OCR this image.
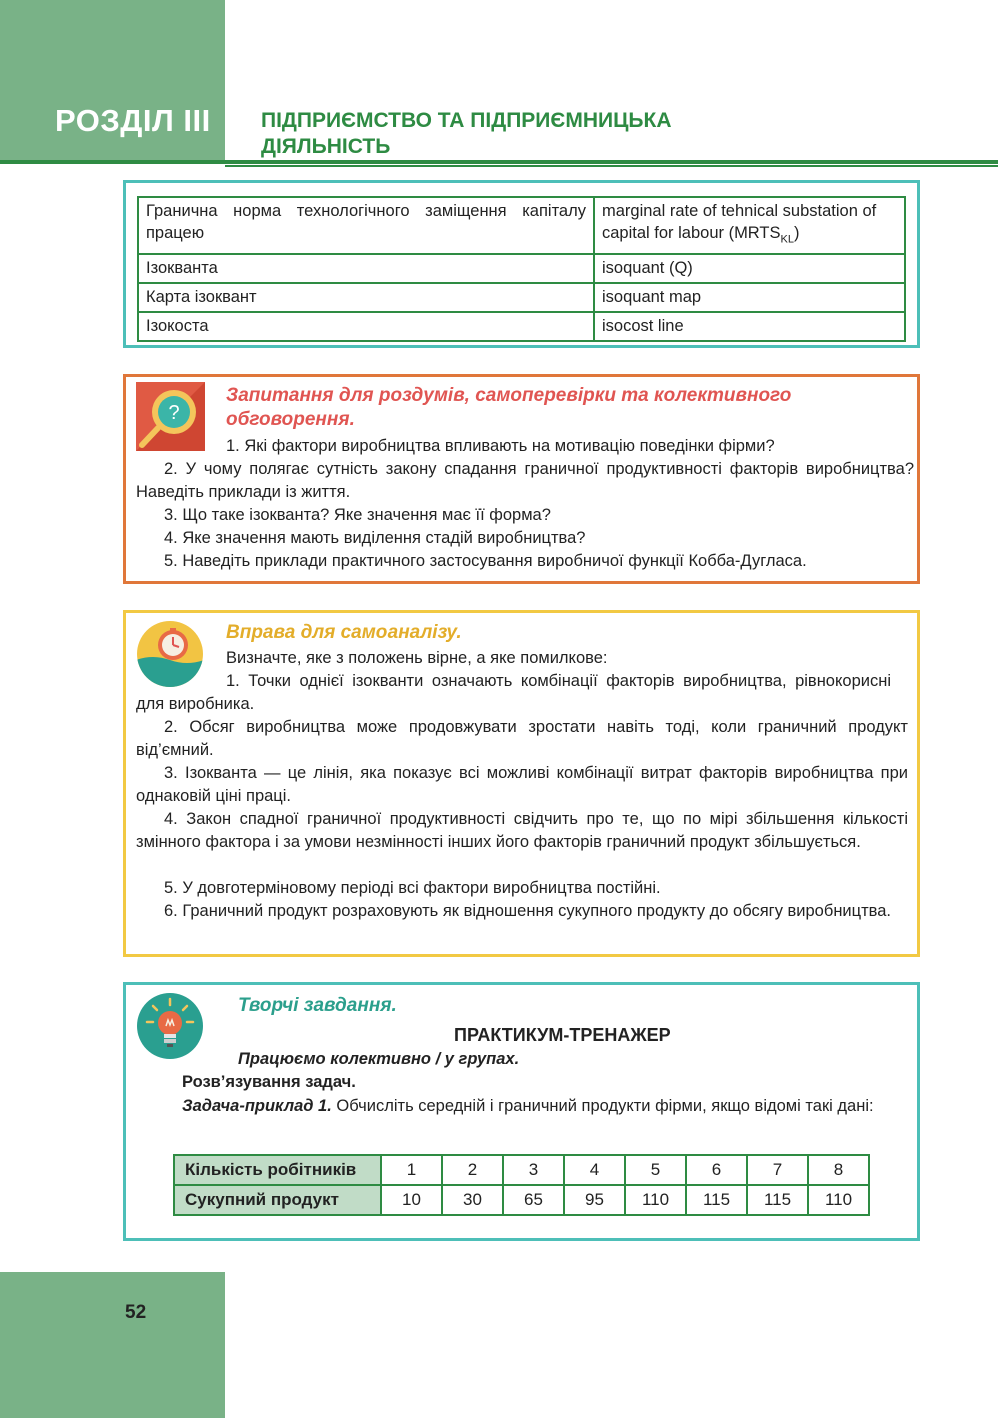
РОЗДІЛ III ПІДПРИЄМСТВО ТА ПІДПРИЄМНИЦЬКА
ДІЯЛЬНІСТЬ
Гранична норма технологічного заміщення капіталу працею	marginal rate of tehnical substation of capital for labour $(MRTS_{KL})$
Ізокванта	isoquant (Q)
Карта ізоквант	isoquant map
Ізокоста	isocost line
?
Запитання для роздумів, самоперевірки та колективного
обговорення.
1. Які фактори виробництва впливають на мотивацію поведінки фірми?
2. У чому полягає сутність закону спадання граничної продуктивності факторів виробництва? Наведіть приклади із життя.
3. Що таке ізокванта? Яке значення має її форма?
4. Яке значення мають виділення стадій виробництва?
5. Наведіть приклади практичного застосування виробничої функції Кобба-Дугласа.
Вправа для самоаналізу.
Визначте, яке з положень вірне, а яке помилкове:
1. Точки однієї ізокванти означають комбінації факторів виробництва, рівнокорисні для виробника.
2. Обсяг виробництва може продовжувати зростати навіть тоді, коли граничний продукт від’ємний.
3. Ізокванта — це лінія, яка показує всі можливі комбінації витрат факторів виробництва при однаковій ціні праці.
4. Закон спадної граничної продуктивності свідчить про те, що по мірі збільшення кількості змінного фактора і за умови незмінності інших його факторів граничний продукт збільшується.
5. У довготерміновому періоді всі фактори виробництва постійні.
6. Граничний продукт розраховують як відношення сукупного продукту до обсягу виробництва.
Творчі завдання.
ПРАКТИКУМ-ТРЕНАЖЕР
Працюємо колективно / у групах.
Розв’язування задач.
Задача-приклад 1. Обчисліть середній і граничний продукти фірми, якщо відомі такі дані:
Кількість робітників	1	2	3	4	5	6	7	8
Сукупний продукт	10	30	65	95	110	115	115	110
52
